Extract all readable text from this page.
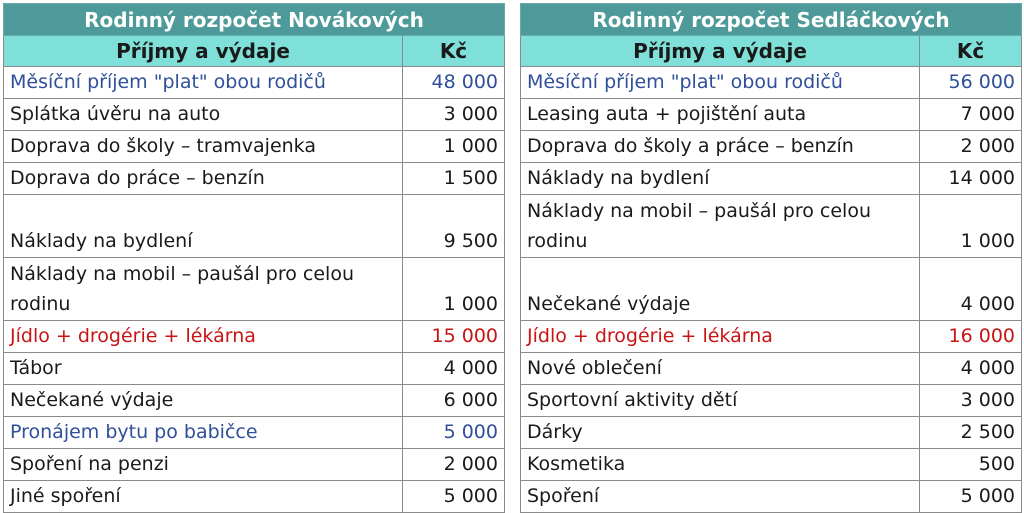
Rodinný rozpočet Novákových	
Příjmy a výdaje	Kč
Měsíční příjem "plat" obou rodičů	48 000
Splátka úvěru na auto	3 000
Doprava do školy – tramvajenka	1 000
Doprava do práce – benzín	1 500
Náklady na bydlení	9 500
Náklady na mobil – paušál pro celou rodinu	1 000
Jídlo + drogérie + lékárna	15 000
Tábor	4 000
Nečekané výdaje	6 000
Pronájem bytu po babičce	5 000
Spoření na penzi	2 000
Jiné spoření	5 000
Rodinný rozpočet Sedláčkových	
Příjmy a výdaje	Kč
Měsíční příjem "plat" obou rodičů	56 000
Leasing auta + pojištění auta	7 000
Doprava do školy a práce – benzín	2 000
Náklady na bydlení	14 000
Náklady na mobil – paušál pro celou rodinu	1 000
Nečekané výdaje	4 000
Jídlo + drogérie + lékárna	16 000
Nové oblečení	4 000
Sportovní aktivity dětí	3 000
Dárky	2 500
Kosmetika	500
Spoření	5 000
